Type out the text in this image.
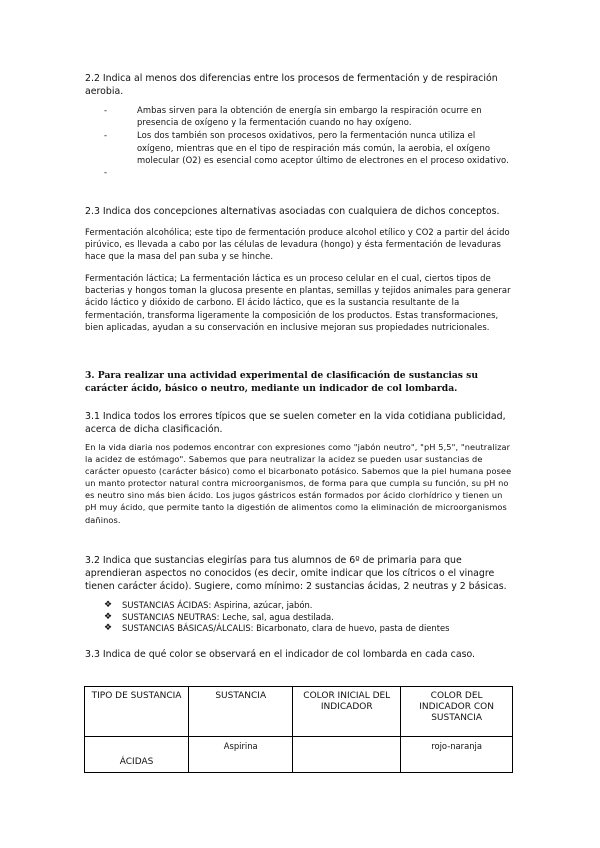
2.2 Indica al menos dos diferencias entre los procesos de fermentación y de respiración aerobia.
-	Ambas sirven para la obtención de energía sin embargo la respiración ocurre en presencia de oxígeno y la fermentación cuando no hay oxígeno.
-	Los dos también son procesos oxidativos, pero la fermentación nunca utiliza el oxígeno, mientras que en el tipo de respiración más común, la aerobia, el oxígeno molecular (O2) es esencial como aceptor último de electrones en el proceso oxidativo.
-
2.3 Indica dos concepciones alternativas asociadas con cualquiera de dichos conceptos.
Fermentación alcohólica; este tipo de fermentación produce alcohol etílico y CO2 a partir del ácido pirúvico, es llevada a cabo por las células de levadura (hongo) y ésta fermentación de levaduras hace que la masa del pan suba y se hinche.
Fermentación láctica; La fermentación láctica es un proceso celular en el cual, ciertos tipos de bacterias y hongos toman la glucosa presente en plantas, semillas y tejidos animales para generar ácido láctico y dióxido de carbono. El ácido láctico, que es la sustancia resultante de la fermentación, transforma ligeramente la composición de los productos. Estas transformaciones, bien aplicadas, ayudan a su conservación en inclusive mejoran sus propiedades nutricionales.
3. Para realizar una actividad experimental de clasificación de sustancias su carácter ácido, básico o neutro, mediante un indicador de col lombarda.
3.1 Indica todos los errores típicos que se suelen cometer en la vida cotidiana publicidad, acerca de dicha clasificación.
En la vida diaria nos podemos encontrar con expresiones como "jabón neutro", "pH 5,5", "neutralizar la acidez de estómago". Sabemos que para neutralizar la acidez se pueden usar sustancias de carácter opuesto (carácter básico) como el bicarbonato potásico. Sabemos que la piel humana posee un manto protector natural contra microorganismos, de forma para que cumpla su función, su pH no es neutro sino más bien ácido. Los jugos gástricos están formados por ácido clorhídrico y tienen un pH muy ácido, que permite tanto la digestión de alimentos como la eliminación de microorganismos dañinos.
3.2 Indica que sustancias elegirías para tus alumnos de 6º de primaria para que aprendieran aspectos no conocidos (es decir, omite indicar que los cítricos o el vinagre tienen carácter ácido). Sugiere, como mínimo: 2 sustancias ácidas, 2 neutras y 2 básicas.
❖ SUSTANCIAS ÁCIDAS: Aspirina, azúcar, jabón.
❖ SUSTANCIAS NEUTRAS: Leche, sal, agua destilada.
❖ SUSTANCIAS BÁSICAS/ÁLCALIS: Bicarbonato, clara de huevo, pasta de dientes
3.3 Indica de qué color se observará en el indicador de col lombarda en cada caso.
TIPO DE SUSTANCIA	SUSTANCIA	COLOR INICIAL DEL INDICADOR	COLOR DEL INDICADOR CON SUSTANCIA

ÁCIDAS	Aspirina		rojo-naranja
